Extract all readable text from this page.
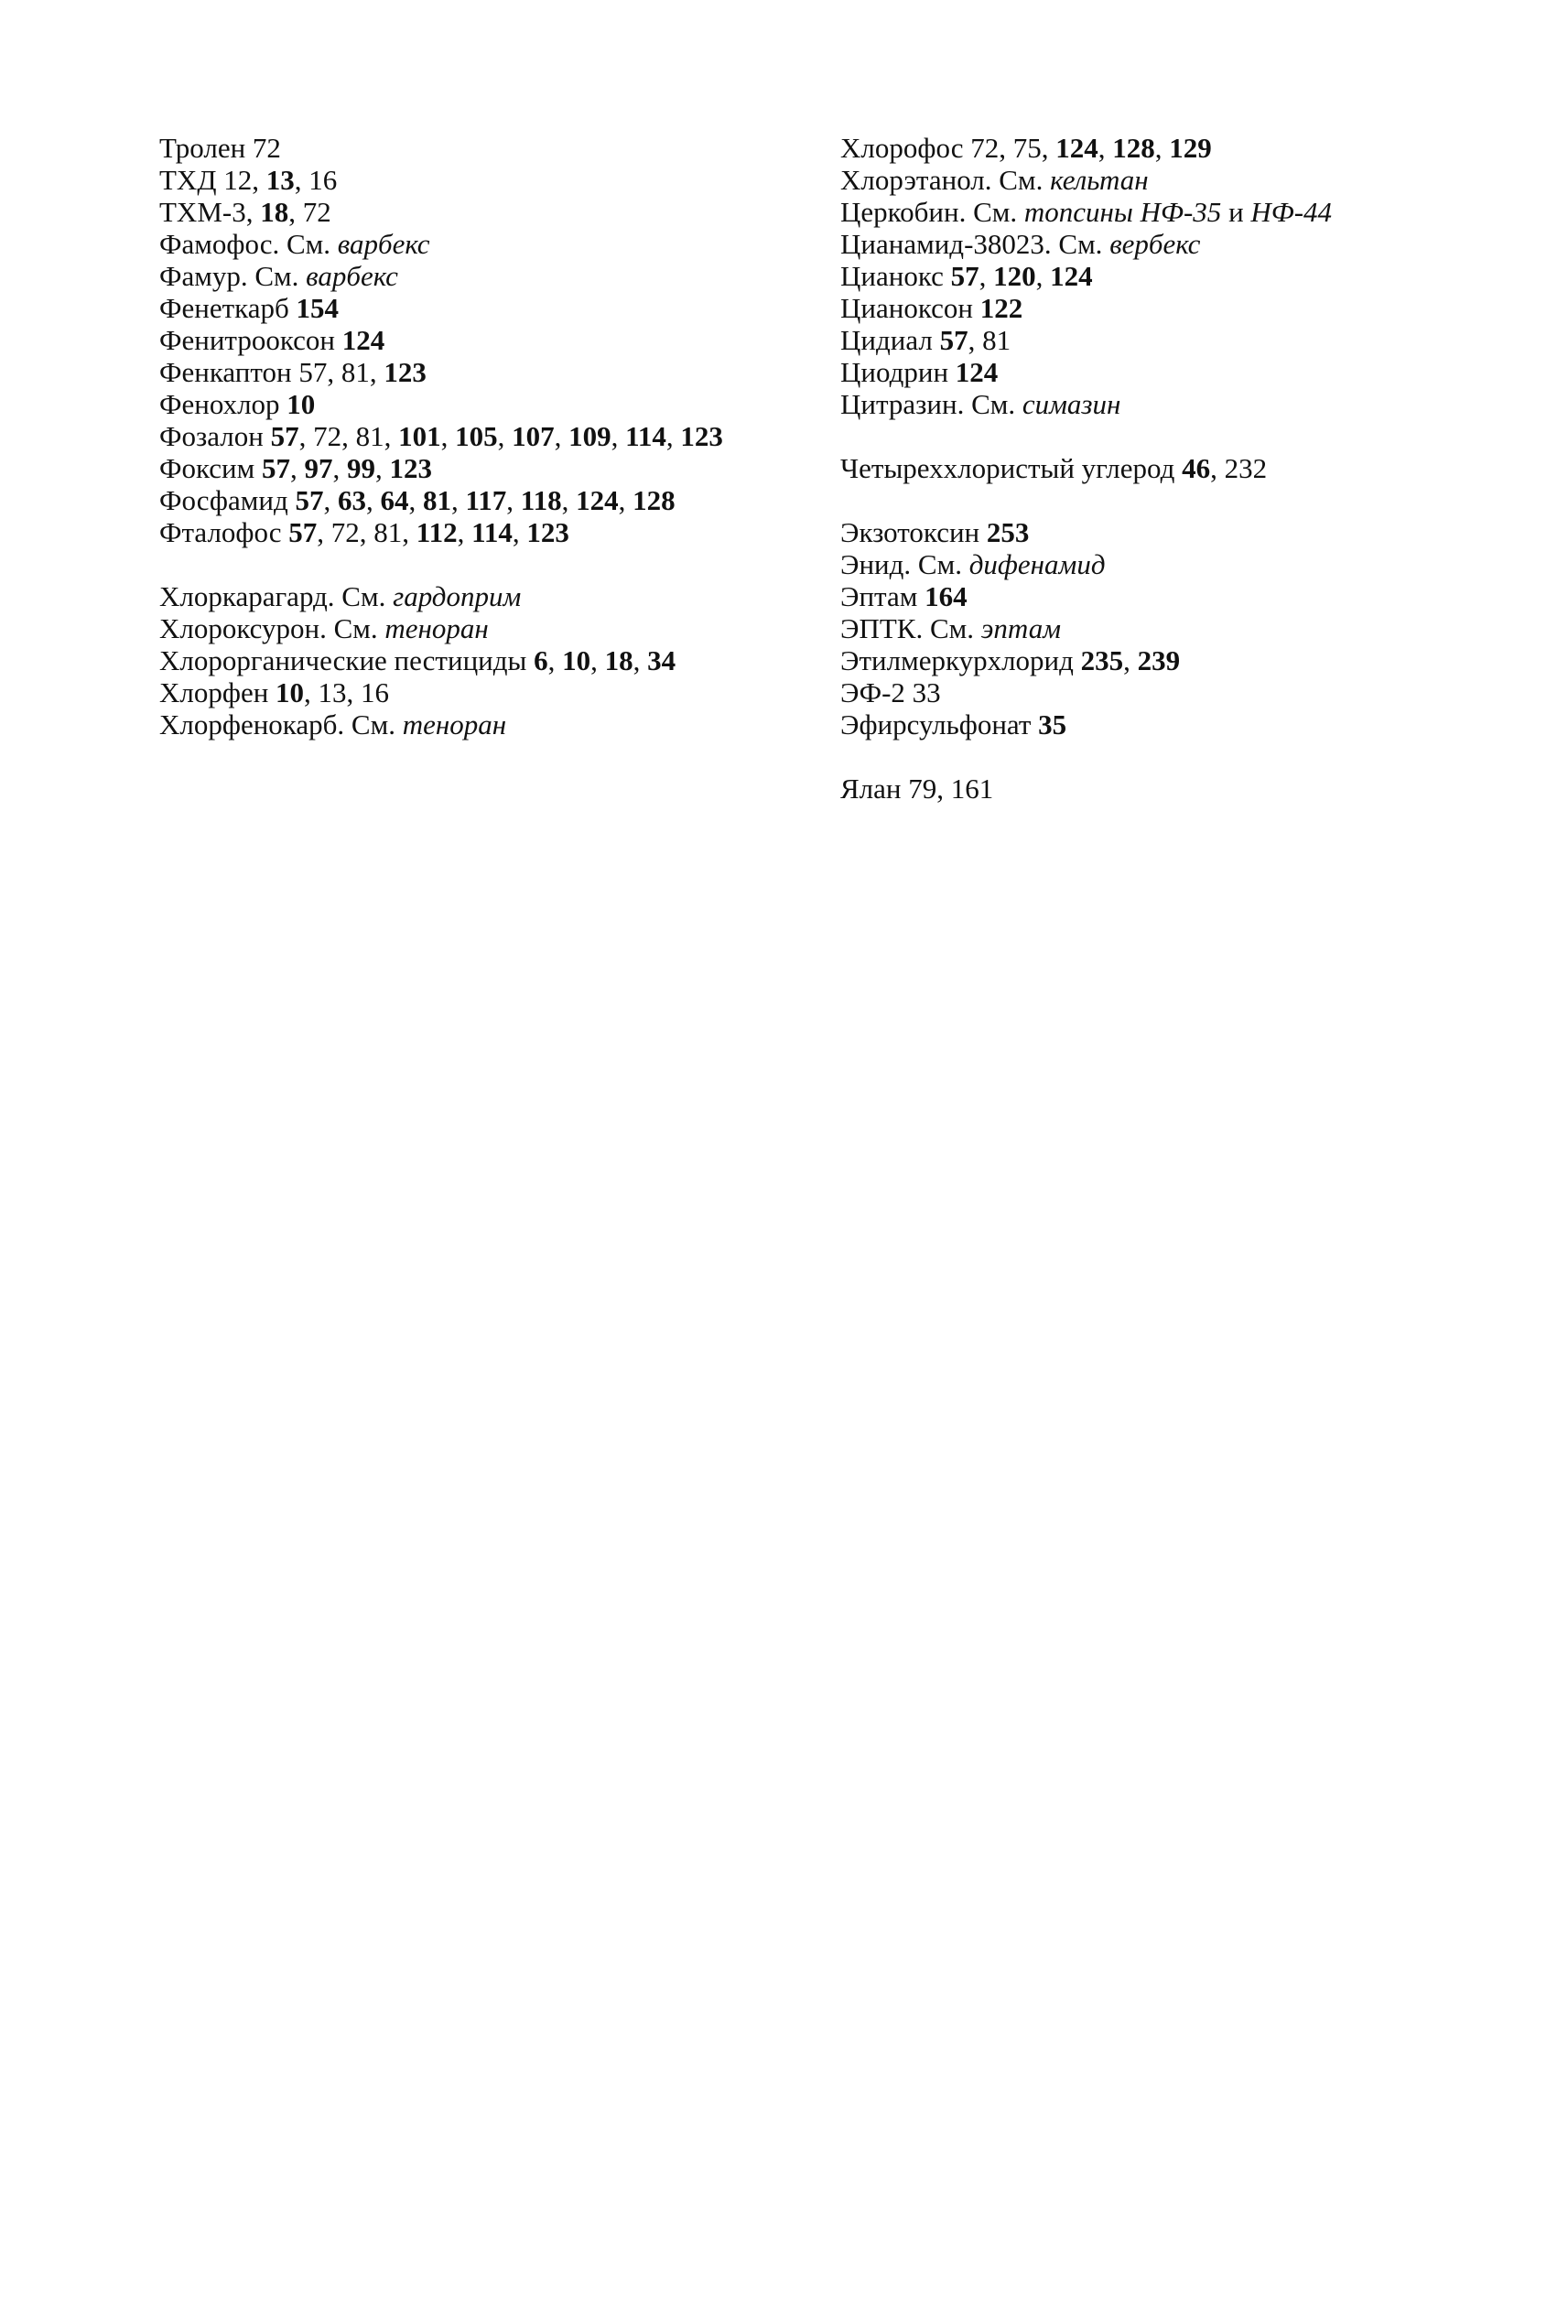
Тролен 72
ТХД 12, 13, 16
ТХМ-3, 18, 72
Фамофос. См. варбекс
Фамур. См. варбекс
Фенеткарб 154
Фенитрооксон 124
Фенкаптон 57, 81, 123
Фенохлор 10
Фозалон 57, 72, 81, 101, 105, 107, 109, 114, 123
Фоксим 57, 97, 99, 123
Фосфамид 57, 63, 64, 81, 117, 118, 124, 128
Фталофос 57, 72, 81, 112, 114, 123
Хлоркарагард. См. гардоприм
Хлороксурон. См. теноран
Хлорорганические пестициды 6, 10, 18, 34
Хлорфен 10, 13, 16
Хлорфенокарб. См. тенорaн
Хлорофос 72, 75, 124, 128, 129
Хлорэтанол. См. кельтан
Церкобин. См. топсины НФ-35 и НФ-44
Цианамид-38023. См. вербекс
Цианокс 57, 120, 124
Цианоксон 122
Цидиал 57, 81
Циодрин 124
Цитразин. См. симазин
Четыреххлористый углерод 46, 232
Экзотоксин 253
Энид. См. дифенамид
Эптам 164
ЭПТК. См. эптам
Этилмеркурхлорид 235, 239
ЭФ-2 33
Эфирсульфонат 35
Ялан 79, 161
